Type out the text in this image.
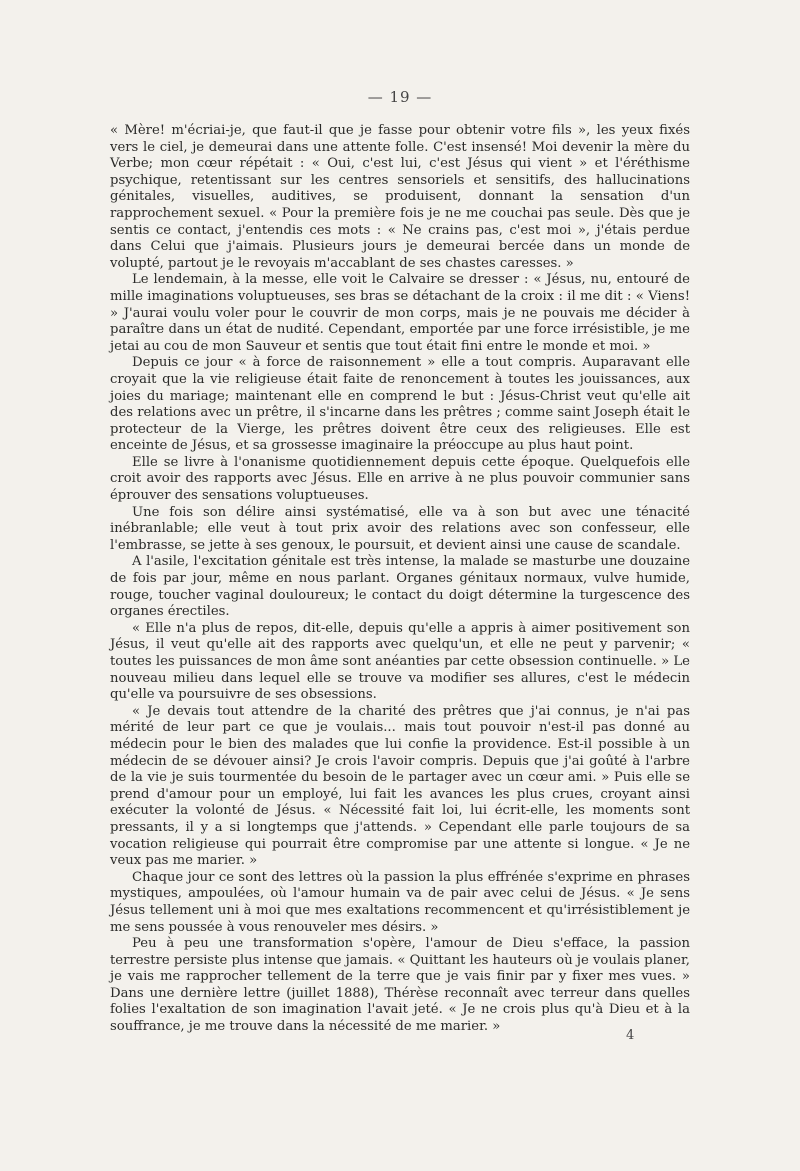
— 19 —

« Mère! m'écriai-je, que faut-il que je fasse pour obtenir votre fils », les yeux fixés vers le ciel, je demeurai dans une attente folle. C'est insensé! Moi devenir la mère du Verbe; mon cœur répétait : « Oui, c'est lui, c'est Jésus qui vient » et l'éréthisme psychique, retentissant sur les centres sensoriels et sensitifs, des hallucinations génitales, visuelles, auditives, se produisent, donnant la sensation d'un rapprochement sexuel. « Pour la première fois je ne me couchai pas seule. Dès que je sentis ce contact, j'entendis ces mots : « Ne crains pas, c'est moi », j'étais perdue dans Celui que j'aimais. Plusieurs jours je demeurai bercée dans un monde de volupté, partout je le revoyais m'accablant de ses chastes caresses. »

Le lendemain, à la messe, elle voit le Calvaire se dresser : « Jésus, nu, entouré de mille imaginations voluptueuses, ses bras se détachant de la croix : il me dit : « Viens! » J'aurai voulu voler pour le couvrir de mon corps, mais je ne pouvais me décider à paraître dans un état de nudité. Cependant, emportée par une force irrésistible, je me jetai au cou de mon Sauveur et sentis que tout était fini entre le monde et moi. »

Depuis ce jour « à force de raisonnement » elle a tout compris. Auparavant elle croyait que la vie religieuse était faite de renoncement à toutes les jouissances, aux joies du mariage; maintenant elle en comprend le but : Jésus-Christ veut qu'elle ait des relations avec un prêtre, il s'incarne dans les prêtres ; comme saint Joseph était le protecteur de la Vierge, les prêtres doivent être ceux des religieuses. Elle est enceinte de Jésus, et sa grossesse imaginaire la préoccupe au plus haut point.

Elle se livre à l'onanisme quotidiennement depuis cette époque. Quelquefois elle croit avoir des rapports avec Jésus. Elle en arrive à ne plus pouvoir communier sans éprouver des sensations voluptueuses.

Une fois son délire ainsi systématisé, elle va à son but avec une ténacité inébranlable; elle veut à tout prix avoir des relations avec son confesseur, elle l'embrasse, se jette à ses genoux, le poursuit, et devient ainsi une cause de scandale.

A l'asile, l'excitation génitale est très intense, la malade se masturbe une douzaine de fois par jour, même en nous parlant. Organes génitaux normaux, vulve humide, rouge, toucher vaginal douloureux; le contact du doigt détermine la turgescence des organes érectiles.

« Elle n'a plus de repos, dit-elle, depuis qu'elle a appris à aimer positivement son Jésus, il veut qu'elle ait des rapports avec quelqu'un, et elle ne peut y parvenir; « toutes les puissances de mon âme sont anéanties par cette obsession continuelle. » Le nouveau milieu dans lequel elle se trouve va modifier ses allures, c'est le médecin qu'elle va poursuivre de ses obsessions.

« Je devais tout attendre de la charité des prêtres que j'ai connus, je n'ai pas mérité de leur part ce que je voulais... mais tout pouvoir n'est-il pas donné au médecin pour le bien des malades que lui confie la providence. Est-il possible à un médecin de se dévouer ainsi? Je crois l'avoir compris. Depuis que j'ai goûté à l'arbre de la vie je suis tourmentée du besoin de le partager avec un cœur ami. » Puis elle se prend d'amour pour un employé, lui fait les avances les plus crues, croyant ainsi exécuter la volonté de Jésus. « Nécessité fait loi, lui écrit-elle, les moments sont pressants, il y a si longtemps que j'attends. » Cependant elle parle toujours de sa vocation religieuse qui pourrait être compromise par une attente si longue. « Je ne veux pas me marier. »

Chaque jour ce sont des lettres où la passion la plus effrénée s'exprime en phrases mystiques, ampoulées, où l'amour humain va de pair avec celui de Jésus. « Je sens Jésus tellement uni à moi que mes exaltations recommencent et qu'irrésistiblement je me sens poussée à vous renouveler mes désirs. »

Peu à peu une transformation s'opère, l'amour de Dieu s'efface, la passion terrestre persiste plus intense que jamais. « Quittant les hauteurs où je voulais planer, je vais me rapprocher tellement de la terre que je vais finir par y fixer mes vues. » Dans une dernière lettre (juillet 1888), Thérèse reconnaît avec terreur dans quelles folies l'exaltation de son imagination l'avait jeté. « Je ne crois plus qu'à Dieu et à la souffrance, je me trouve dans la nécessité de me marier. »

4
